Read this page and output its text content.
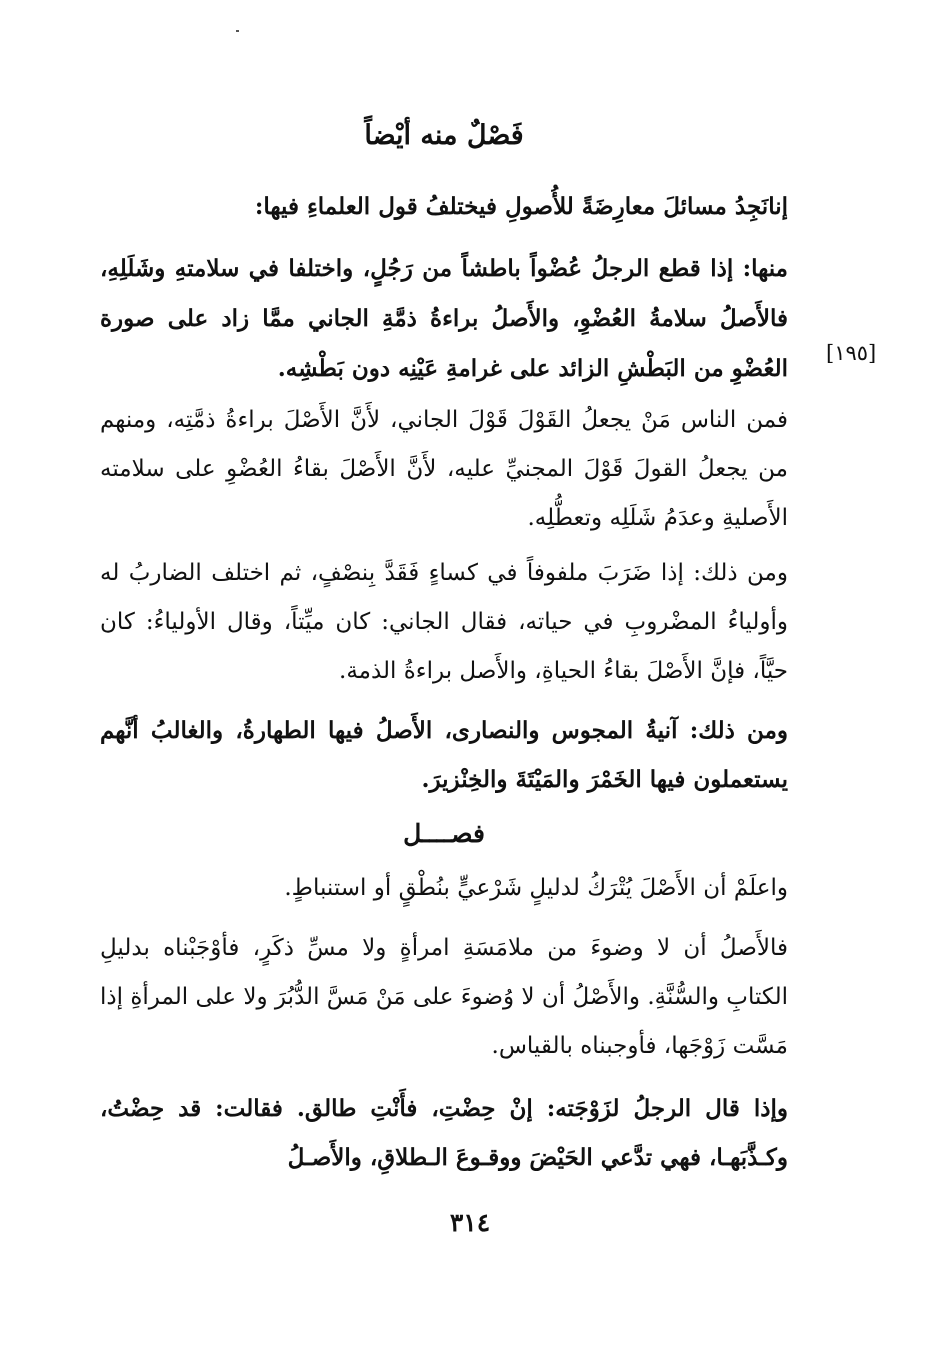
فَصْلٌ منه أيْضاً

إنانَجِدُ مسائلَ معارِضَةً للأُصولِ فيختلفُ قول العلماءِ فيها:

منها: إذا قطع الرجلُ عُضْواً باطشاً من رَجُلٍ، واختلفا في سلامتهِ وشَلَلِهِ، فالأَصلُ سلامةُ العُضْوِ، والأَصلُ براءةُ ذمَّةِ الجاني ممَّا زاد على صورة العُضْوِ من البَطْشِ الزائد على غرامةِ عَيْنِه دون بَطْشِه.

[١٩٥]

فمن الناس مَنْ يجعلُ القَوْلَ قَوْلَ الجاني، لأَنَّ الأَصْلَ براءةُ ذمَّتِه، ومنهم من يجعلُ القولَ قَوْلَ المجنيِّ عليه، لأَنَّ الأَصْلَ بقاءُ العُضْوِ على سلامته الأَصليةِ وعدَمُ شَلَلِه وتعطُّلِه.

ومن ذلك: إذا ضَرَبَ ملفوفاً في كساءٍ فَقَدَّ بِنصْفٍ، ثم اختلف الضاربُ له وأولياءُ المضْروبِ في حياته، فقال الجاني: كان ميِّتاً، وقال الأولياءُ: كان حيَّاً، فإنَّ الأَصْلَ بقاءُ الحياةِ، والأَصل براءةُ الذمة.

ومن ذلك: آنيةُ المجوس والنصارى، الأَصلُ فيها الطهارةُ، والغالبُ أنَّهم يستعملون فيها الخَمْرَ والمَيْتَةَ والخِنْزيرَ.

فصــــل

واعلَمْ أن الأَصْلَ يُتْرَكُ لدليلٍ شَرْعيٍّ بنُطْقٍ أو استنباطٍ.

فالأَصلُ أن لا وضوءَ من ملامَسَةِ امرأةٍ ولا مسِّ ذكَرٍ، فأوْجَبْناه بدليلِ الكتابِ والسُّنَّةِ. والأَصْلُ أن لا وُضوءَ على مَنْ مَسَّ الدُّبُرَ ولا على المرأةِ إذا مَسَّت زَوْجَها، فأوجبناه بالقياس.

وإذا قال الرجلُ لزَوْجَته: إنْ حِضْتِ، فأَنْتِ طالق. فقالت: قد حِضْتُ، وكـذَّبَهـا، فهي تدَّعي الحَيْضَ ووقـوعَ الـطلاقِ، والأَصـلُ

٣١٤
